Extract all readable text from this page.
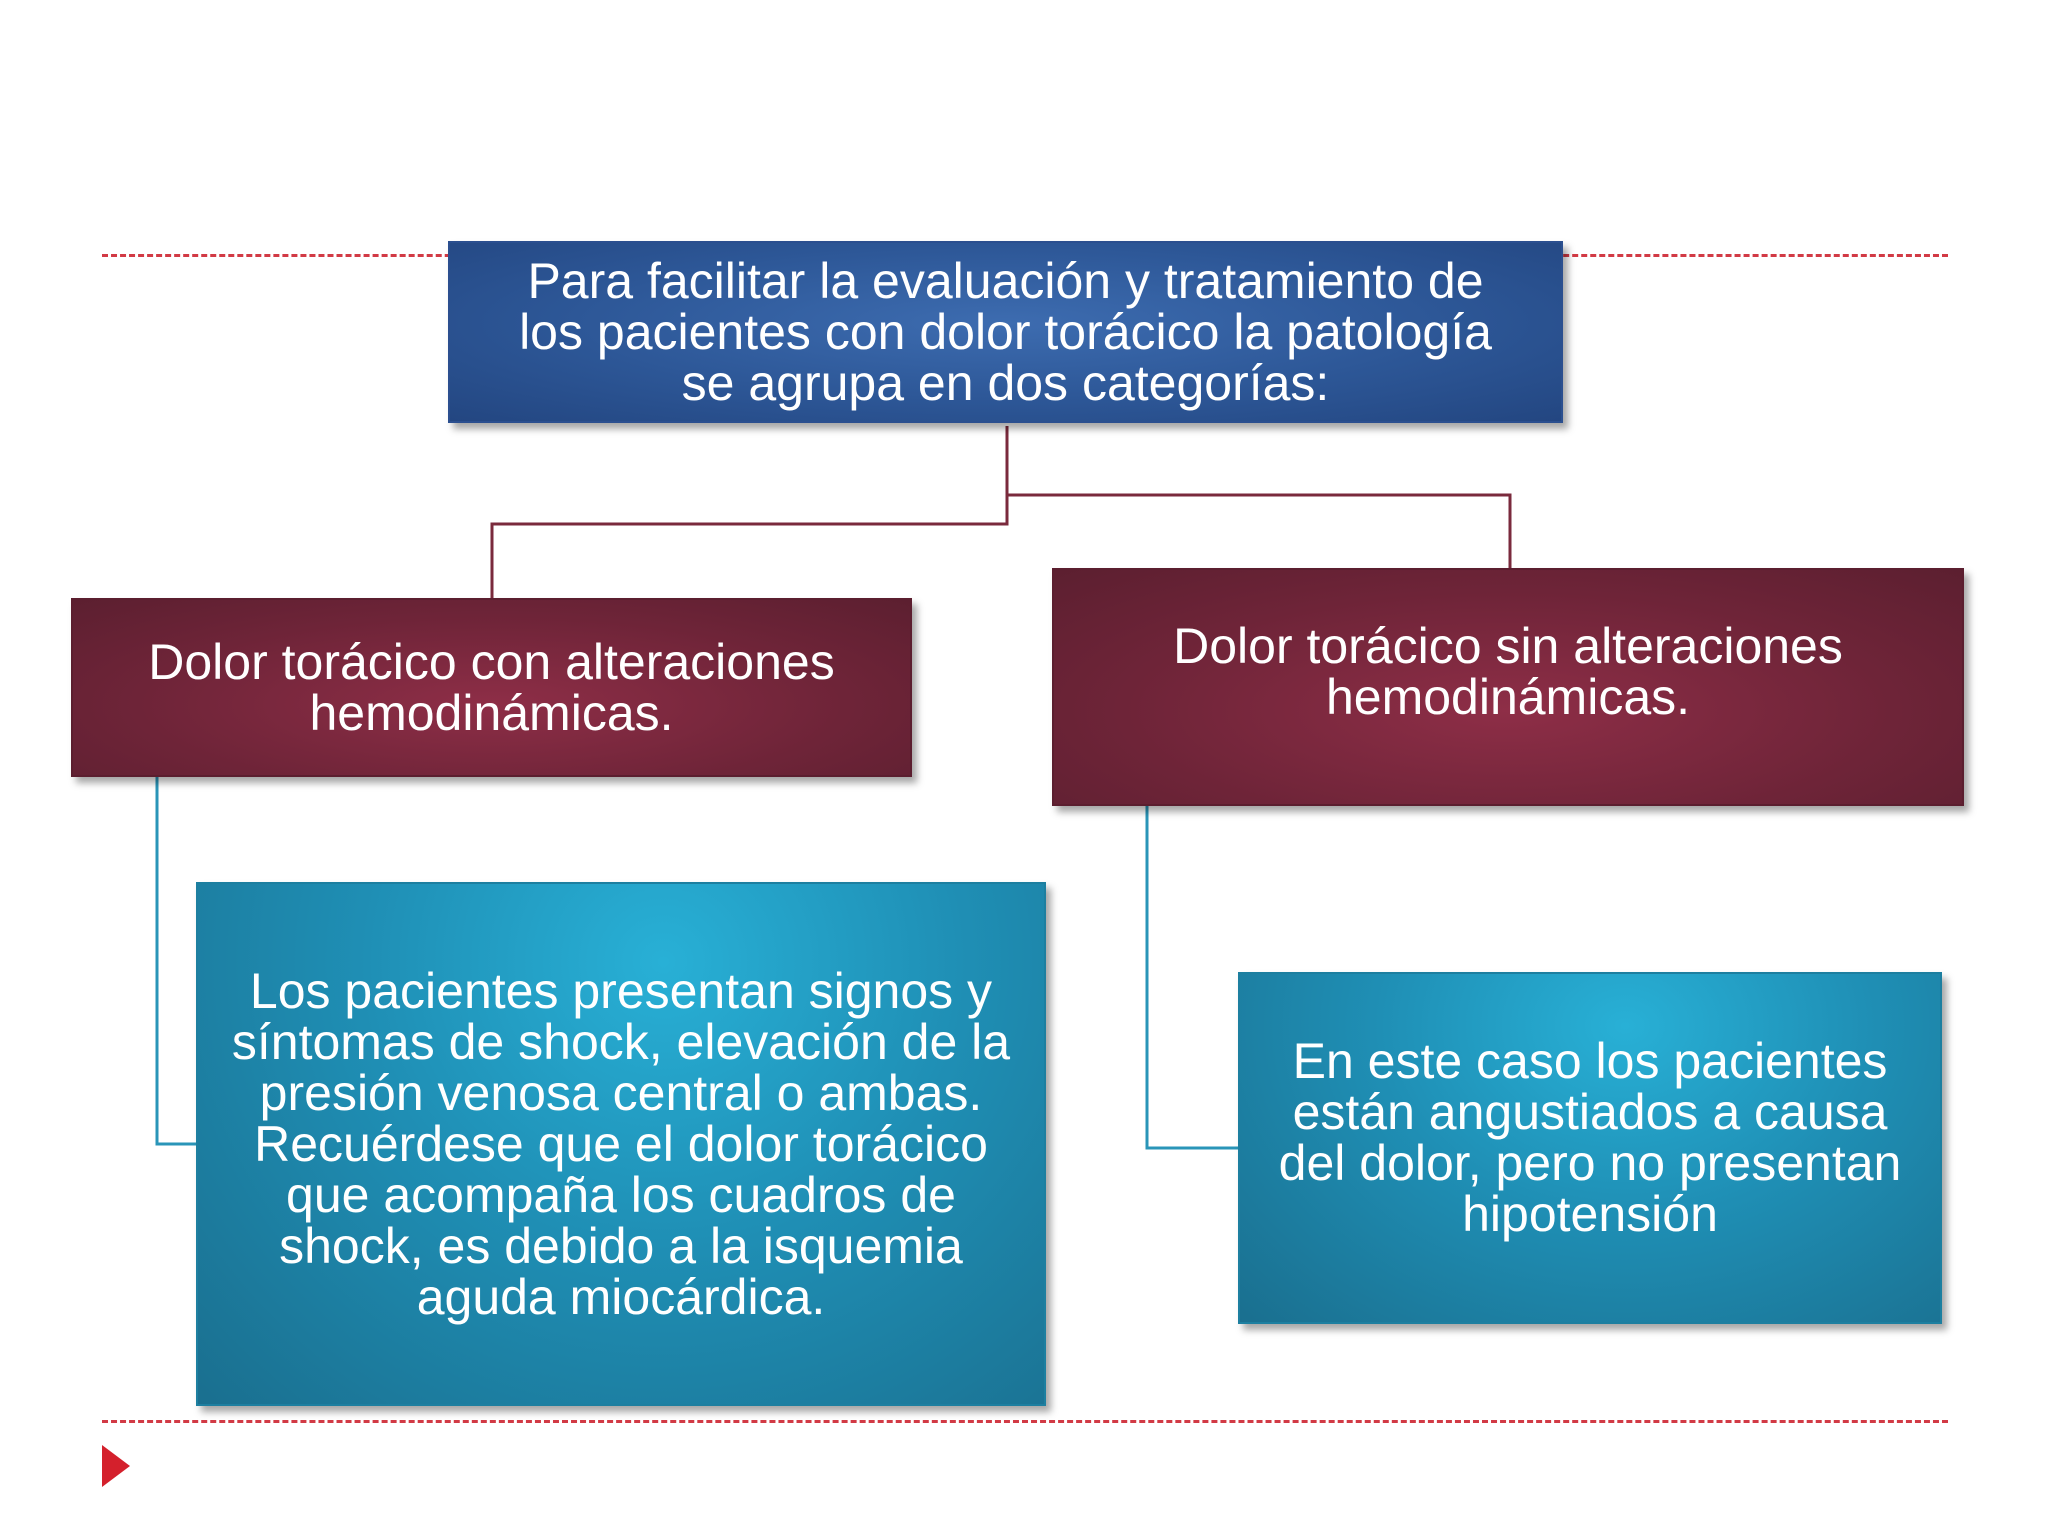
Para facilitar la evaluación y tratamiento de
los pacientes con dolor torácico la patología
se agrupa en dos categorías:
Dolor torácico con alteraciones
hemodinámicas.
Dolor torácico sin alteraciones
hemodinámicas.
Los pacientes presentan signos y
síntomas de shock, elevación de la
presión venosa central o ambas.
Recuérdese que el dolor torácico
que acompaña los cuadros de
shock, es debido a la isquemia
aguda miocárdica.
En este caso los pacientes
están angustiados a causa
del dolor, pero no presentan
hipotensión
